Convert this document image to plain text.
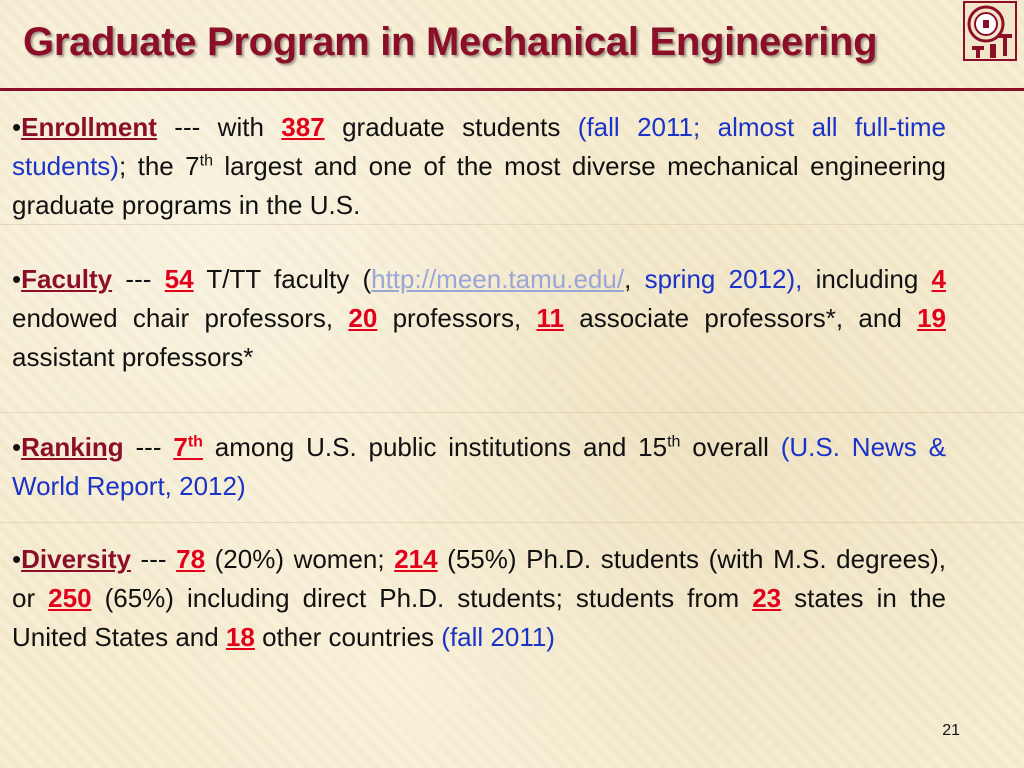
Graduate Program in Mechanical Engineering

•Enrollment --- with 387 graduate students (fall 2011; almost all full-time students); the 7th largest and one of the most diverse mechanical engineering graduate programs in the U.S.

•Faculty --- 54 T/TT faculty (http://meen.tamu.edu/, spring 2012), including 4 endowed chair professors, 20 professors, 11 associate professors*, and 19 assistant professors*

•Ranking --- 7th among U.S. public institutions and 15th overall (U.S. News & World Report, 2012)

•Diversity --- 78 (20%) women; 214 (55%) Ph.D. students (with M.S. degrees), or 250 (65%) including direct Ph.D. students; students from 23 states in the United States and 18 other countries (fall 2011)

21
